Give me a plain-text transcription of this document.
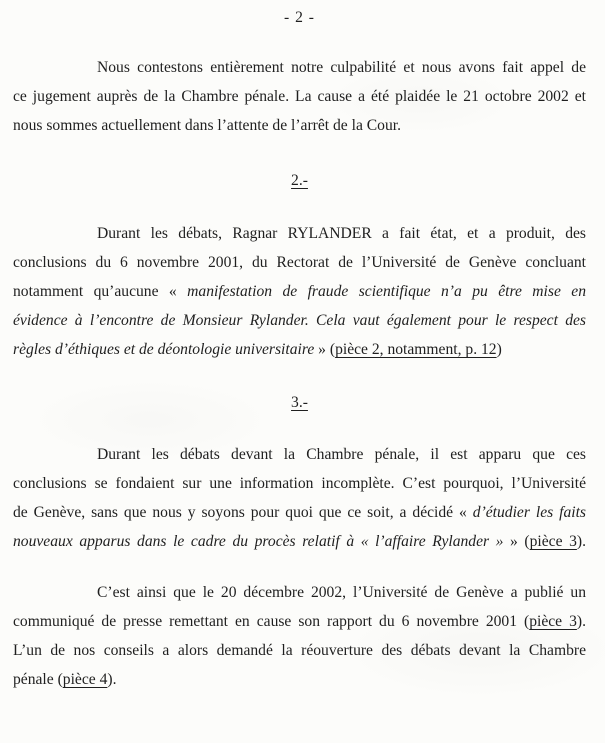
- 2 -
Nous contestons entièrement notre culpabilité et nous avons fait appel de
ce jugement auprès de la Chambre pénale. La cause a été plaidée le 21 octobre 2002 et
nous sommes actuellement dans l’attente de l’arrêt de la Cour.
2.-
Durant les débats, Ragnar RYLANDER a fait état, et a produit, des
conclusions du 6 novembre 2001, du Rectorat de l’Université de Genève concluant
notamment qu’aucune « manifestation de fraude scientifique n’a pu être mise en
évidence à l’encontre de Monsieur Rylander. Cela vaut également pour le respect des
règles d’éthiques et de déontologie universitaire » (pièce 2, notamment, p. 12)
3.-
Durant les débats devant la Chambre pénale, il est apparu que ces
conclusions se fondaient sur une information incomplète. C’est pourquoi, l’Université
de Genève, sans que nous y soyons pour quoi que ce soit, a décidé « d’étudier les faits
nouveaux apparus dans le cadre du procès relatif à « l’affaire Rylander » » (pièce 3).
C’est ainsi que le 20 décembre 2002, l’Université de Genève a publié un
communiqué de presse remettant en cause son rapport du 6 novembre 2001 (pièce 3).
L’un de nos conseils a alors demandé la réouverture des débats devant la Chambre
pénale (pièce 4).
